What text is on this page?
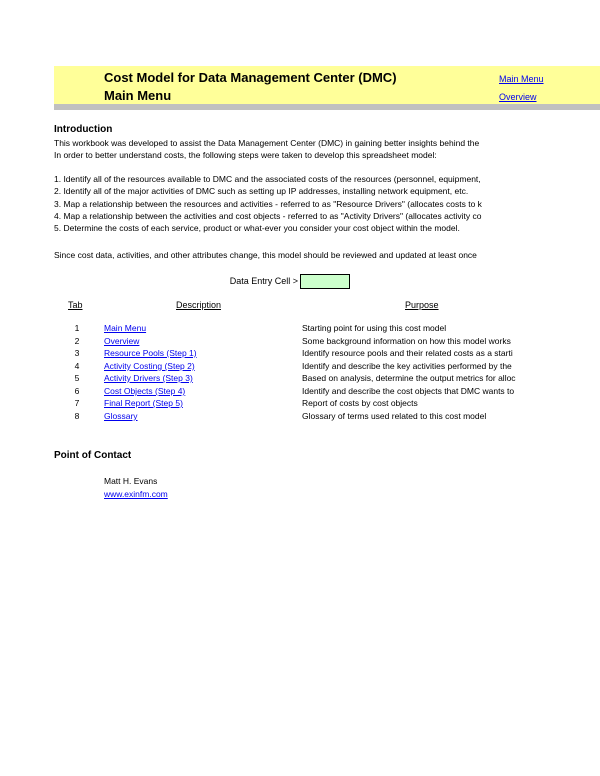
Cost Model for Data Management Center (DMC)
Main Menu
Main Menu
Overview
Introduction
This workbook was developed to assist the Data Management Center (DMC) in gaining better insights behind the
In order to better understand costs, the following steps were taken to develop this spreadsheet model:
1. Identify all of the resources available to DMC and the associated costs of the resources (personnel, equipment,
2. Identify all of the major activities of DMC such as setting up IP addresses, installing network equipment, etc.
3. Map a relationship between the resources and activities - referred to as "Resource Drivers" (allocates costs to k
4. Map a relationship between the activities and cost objects - referred to as "Activity Drivers" (allocates activity co
5. Determine the costs of each service, product or what-ever you consider your cost object within the model.
Since cost data, activities, and other attributes change, this model should be reviewed and updated at least once
Data Entry Cell >
Tab	Description	Purpose
1	Main Menu	Starting point for using this cost model
2	Overview	Some background information on how this model works
3	Resource Pools (Step 1)	Identify resource pools and their related costs as a starti
4	Activity Costing (Step 2)	Identify and describe the key activities performed by the
5	Activity Drivers (Step 3)	Based on analysis, determine the output metrics for alloc
6	Cost Objects (Step 4)	Identify and describe the cost objects that DMC wants to
7	Final Report (Step 5)	Report of costs by cost objects
8	Glossary	Glossary of terms used related to this cost model
Point of Contact
Matt H. Evans
www.exinfm.com
